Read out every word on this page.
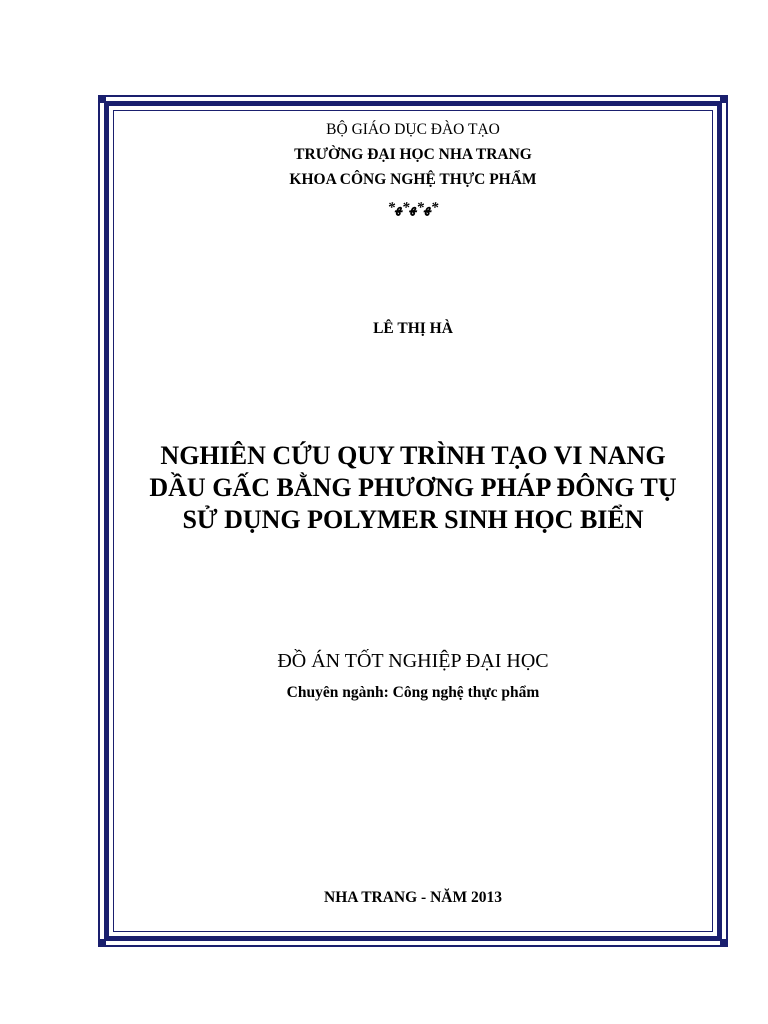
BỘ GIÁO DỤC ĐÀO TẠO
TRƯỜNG ĐẠI HỌC NHA TRANG
KHOA CÔNG NGHỆ THỰC PHẨM
*ﻬ*ﻬ*ﻬ*
LÊ THỊ HÀ
NGHIÊN CỨU QUY TRÌNH TẠO VI NANG
DẦU GẤC BẰNG PHƯƠNG PHÁP ĐÔNG TỤ
SỬ DỤNG POLYMER SINH HỌC BIỂN
ĐỒ ÁN TỐT NGHIỆP ĐẠI HỌC
Chuyên ngành: Công nghệ thực phẩm
NHA TRANG - NĂM 2013
